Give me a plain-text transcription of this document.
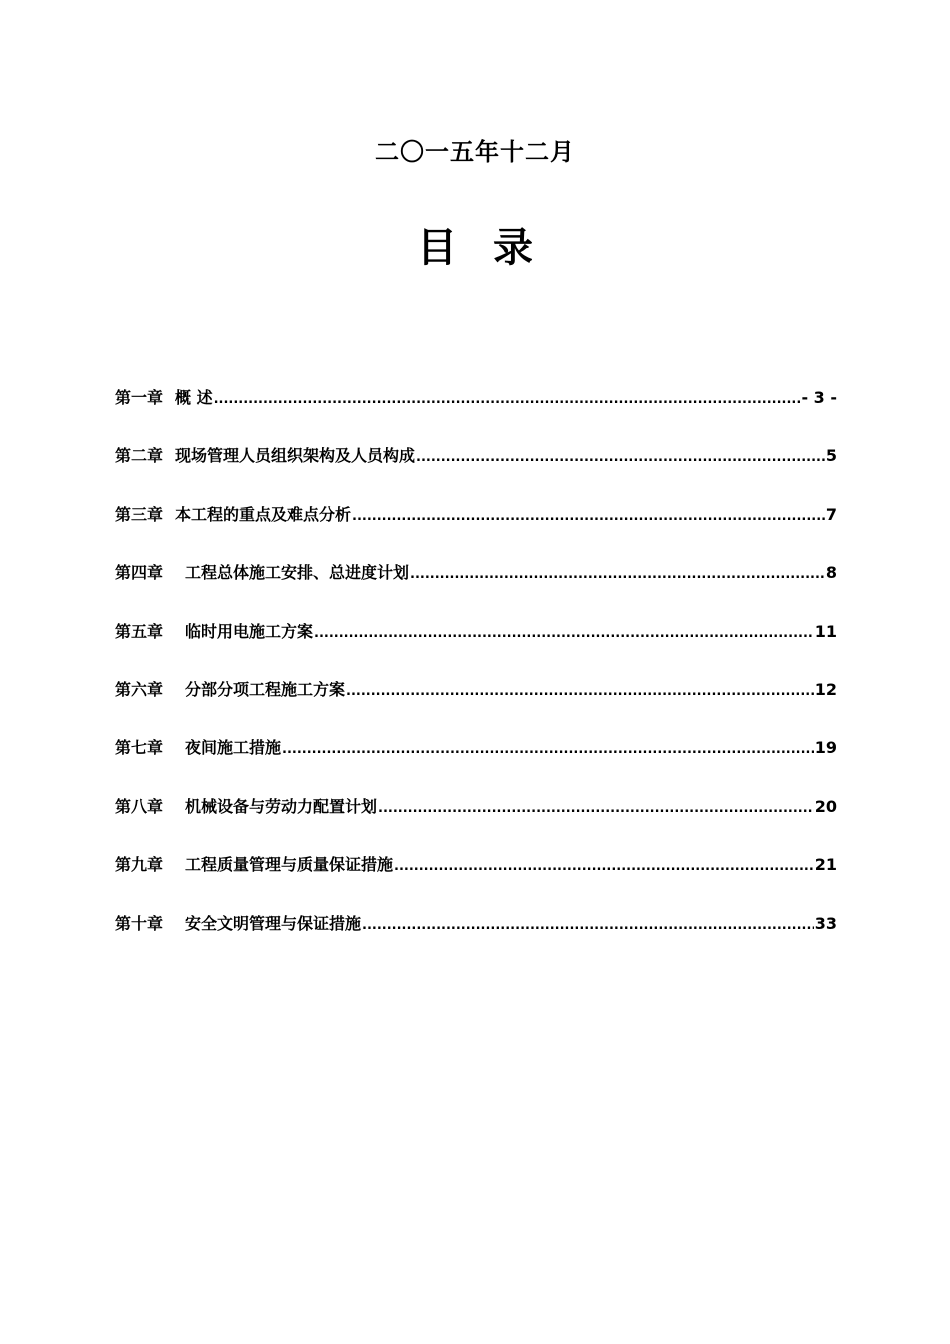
二〇一五年十二月
目 录
第一章 概 述 .....	- 3 -
第二章 现场管理人员组织架构及人员构成 .....	5
第三章 本工程的重点及难点分析 .....	7
第四章 工程总体施工安排、总进度计划 .....	8
第五章 临时用电施工方案 .....	11
第六章 分部分项工程施工方案 .....	12
第七章 夜间施工措施 .....	19
第八章 机械设备与劳动力配置计划 .....	20
第九章 工程质量管理与质量保证措施 .....	21
第十章 安全文明管理与保证措施 .....	33
